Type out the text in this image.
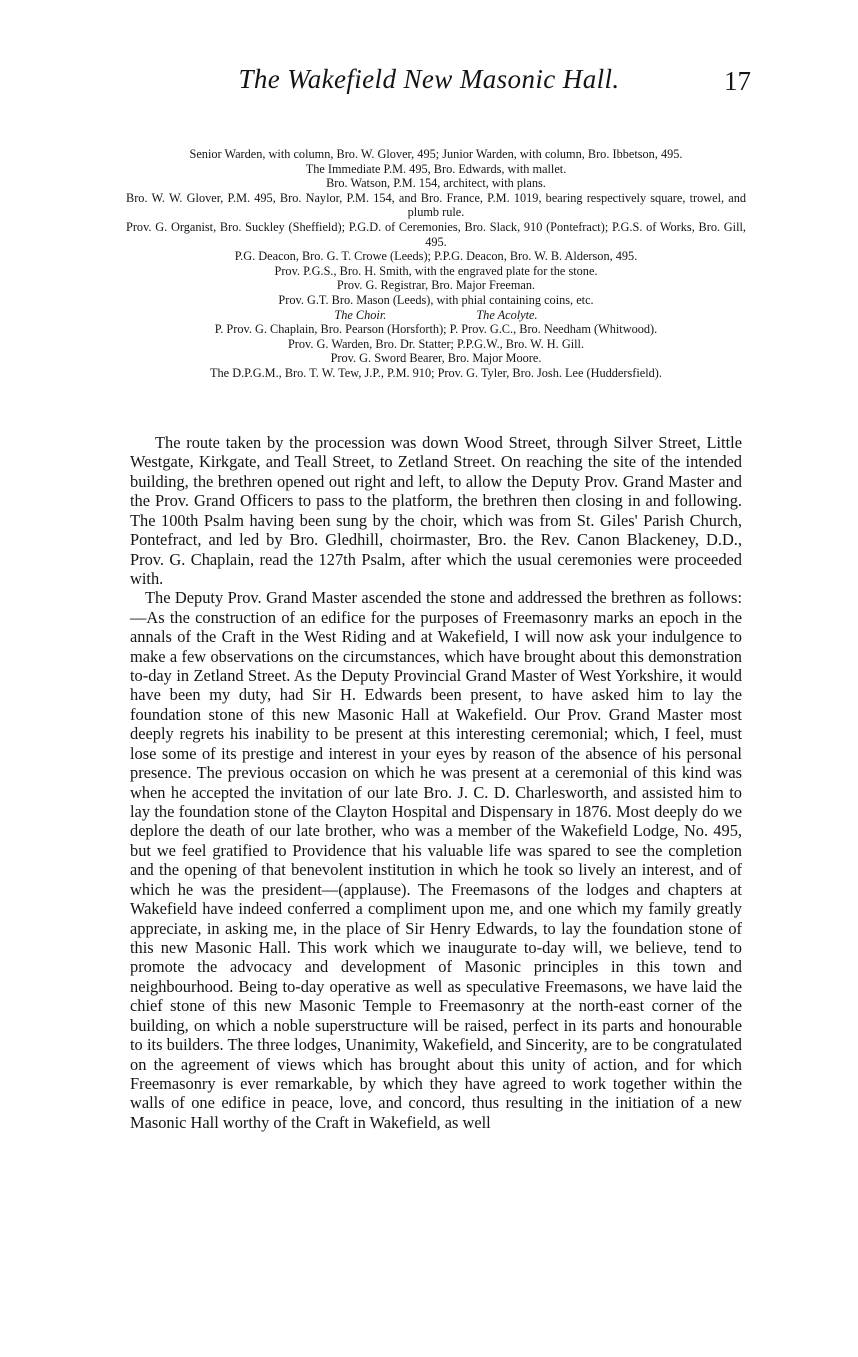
The Wakefield New Masonic Hall.	17

Senior Warden, with column, Bro. W. Glover, 495; Junior Warden, with column, Bro. Ibbetson, 495.

The Immediate P.M. 495, Bro. Edwards, with mallet.

Bro. Watson, P.M. 154, architect, with plans.

Bro. W. W. Glover, P.M. 495, Bro. Naylor, P.M. 154, and Bro. France, P.M. 1019, bearing respectively square, trowel, and plumb rule.

Prov. G. Organist, Bro. Suckley (Sheffield); P.G.D. of Ceremonies, Bro. Slack, 910 (Pontefract); P.G.S. of Works, Bro. Gill, 495.

P.G. Deacon, Bro. G. T. Crowe (Leeds); P.P.G. Deacon, Bro. W. B. Alderson, 495.

Prov. P.G.S., Bro. H. Smith, with the engraved plate for the stone.

Prov. G. Registrar, Bro. Major Freeman.

Prov. G.T. Bro. Mason (Leeds), with phial containing coins, etc.

The Choir.	The Acolyte.

P. Prov. G. Chaplain, Bro. Pearson (Horsforth); P. Prov. G.C., Bro. Needham (Whitwood).

Prov. G. Warden, Bro. Dr. Statter; P.P.G.W., Bro. W. H. Gill.

Prov. G. Sword Bearer, Bro. Major Moore.

The D.P.G.M., Bro. T. W. Tew, J.P., P.M. 910; Prov. G. Tyler, Bro. Josh. Lee (Huddersfield).

The route taken by the procession was down Wood Street, through Silver Street, Little Westgate, Kirkgate, and Teall Street, to Zetland Street. On reaching the site of the intended building, the brethren opened out right and left, to allow the Deputy Prov. Grand Master and the Prov. Grand Officers to pass to the platform, the brethren then closing in and following. The 100th Psalm having been sung by the choir, which was from St. Giles' Parish Church, Pontefract, and led by Bro. Gledhill, choirmaster, Bro. the Rev. Canon Blackeney, D.D., Prov. G. Chaplain, read the 127th Psalm, after which the usual ceremonies were proceeded with.

The Deputy Prov. Grand Master ascended the stone and addressed the brethren as follows:—As the construction of an edifice for the purposes of Freemasonry marks an epoch in the annals of the Craft in the West Riding and at Wakefield, I will now ask your indulgence to make a few observations on the circumstances, which have brought about this demonstration to-day in Zetland Street. As the Deputy Provincial Grand Master of West Yorkshire, it would have been my duty, had Sir H. Edwards been present, to have asked him to lay the foundation stone of this new Masonic Hall at Wakefield. Our Prov. Grand Master most deeply regrets his inability to be present at this interesting ceremonial; which, I feel, must lose some of its prestige and interest in your eyes by reason of the absence of his personal presence. The previous occasion on which he was present at a ceremonial of this kind was when he accepted the invitation of our late Bro. J. C. D. Charlesworth, and assisted him to lay the foundation stone of the Clayton Hospital and Dispensary in 1876. Most deeply do we deplore the death of our late brother, who was a member of the Wakefield Lodge, No. 495, but we feel gratified to Providence that his valuable life was spared to see the completion and the opening of that benevolent institution in which he took so lively an interest, and of which he was the president—(applause). The Freemasons of the lodges and chapters at Wakefield have indeed conferred a compliment upon me, and one which my family greatly appreciate, in asking me, in the place of Sir Henry Edwards, to lay the foundation stone of this new Masonic Hall. This work which we inaugurate to-day will, we believe, tend to promote the advocacy and development of Masonic principles in this town and neighbourhood. Being to-day operative as well as speculative Freemasons, we have laid the chief stone of this new Masonic Temple to Freemasonry at the north-east corner of the building, on which a noble superstructure will be raised, perfect in its parts and honourable to its builders. The three lodges, Unanimity, Wakefield, and Sincerity, are to be congratulated on the agreement of views which has brought about this unity of action, and for which Freemasonry is ever remarkable, by which they have agreed to work together within the walls of one edifice in peace, love, and concord, thus resulting in the initiation of a new Masonic Hall worthy of the Craft in Wakefield, as well
